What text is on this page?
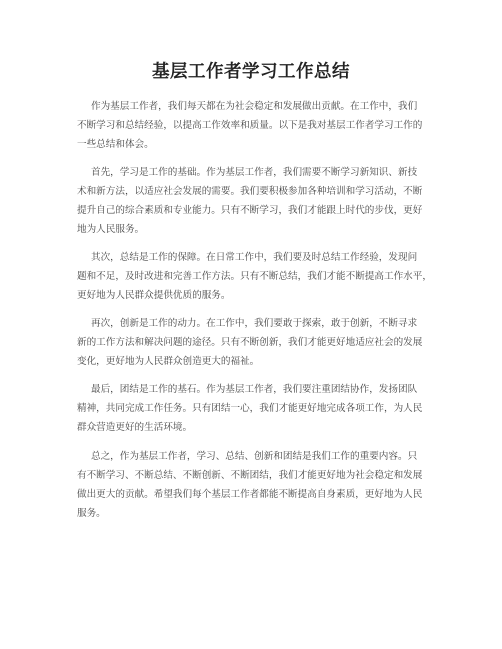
基层工作者学习工作总结
作为基层工作者，我们每天都在为社会稳定和发展做出贡献。在工作中，我们
不断学习和总结经验，以提高工作效率和质量。以下是我对基层工作者学习工作的
一些总结和体会。
首先，学习是工作的基础。作为基层工作者，我们需要不断学习新知识、新技
术和新方法，以适应社会发展的需要。我们要积极参加各种培训和学习活动，不断
提升自己的综合素质和专业能力。只有不断学习，我们才能跟上时代的步伐，更好
地为人民服务。
其次，总结是工作的保障。在日常工作中，我们要及时总结工作经验，发现问
题和不足，及时改进和完善工作方法。只有不断总结，我们才能不断提高工作水平，
更好地为人民群众提供优质的服务。
再次，创新是工作的动力。在工作中，我们要敢于探索，敢于创新，不断寻求
新的工作方法和解决问题的途径。只有不断创新，我们才能更好地适应社会的发展
变化，更好地为人民群众创造更大的福祉。
最后，团结是工作的基石。作为基层工作者，我们要注重团结协作，发扬团队
精神，共同完成工作任务。只有团结一心，我们才能更好地完成各项工作，为人民
群众营造更好的生活环境。
总之，作为基层工作者，学习、总结、创新和团结是我们工作的重要内容。只
有不断学习、不断总结、不断创新、不断团结，我们才能更好地为社会稳定和发展
做出更大的贡献。希望我们每个基层工作者都能不断提高自身素质，更好地为人民
服务。
